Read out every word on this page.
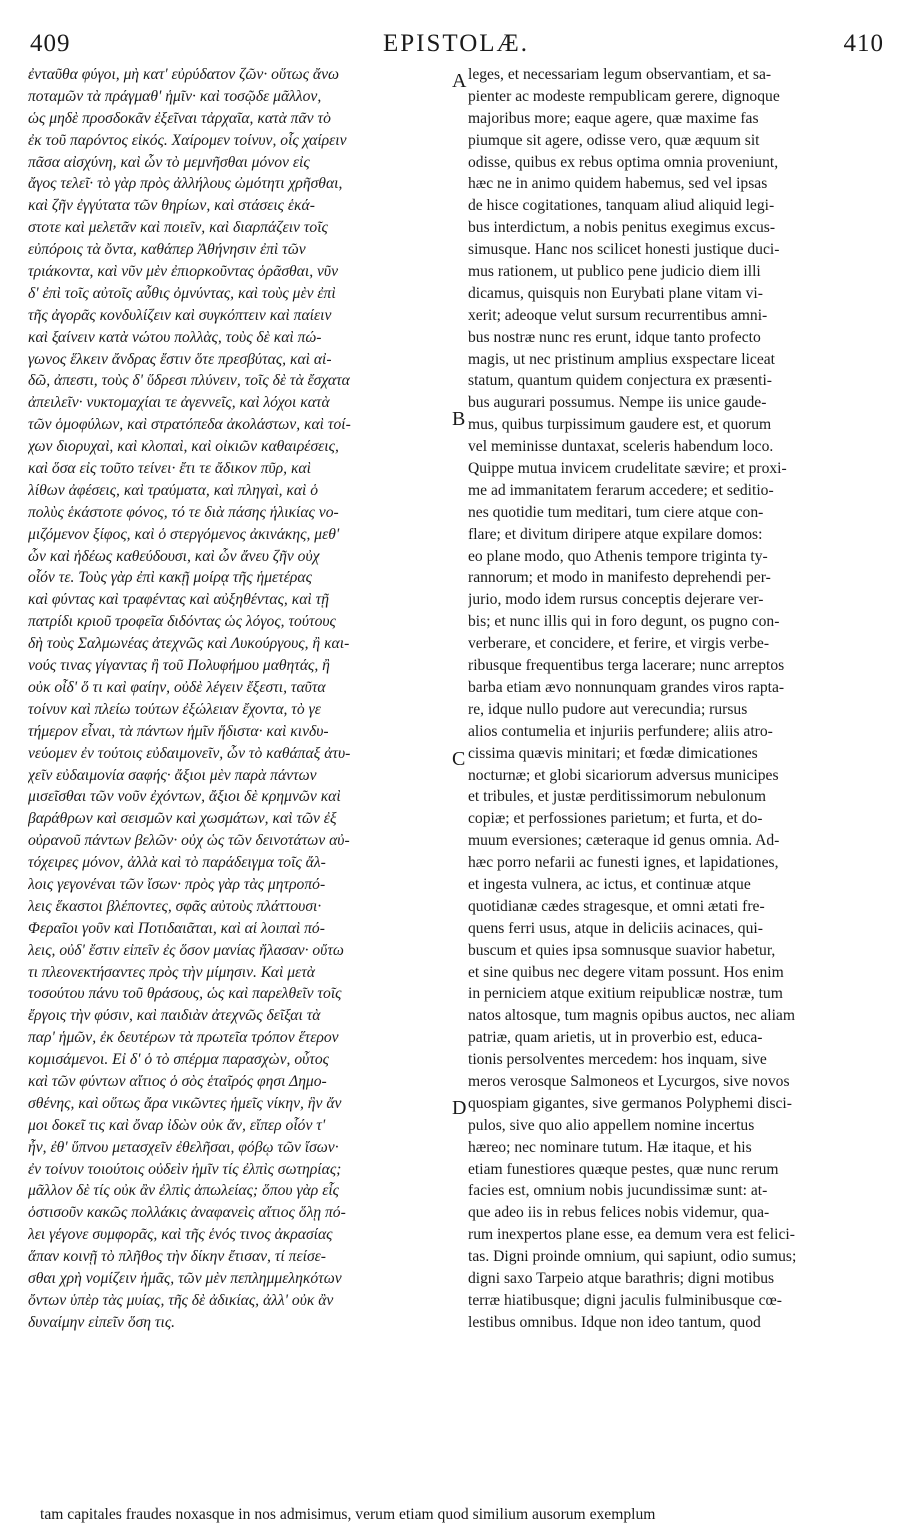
409	EPISTOLÆ.	410
ἐνταῦθα φύγοι, μὴ κατ' εὐρύδατον ζῶν· οὕτως ἄνω
ποταμῶν τὰ πράγμαθ' ἡμῖν· καὶ τοσῷδε μᾶλλον,
ὡς μηδὲ προσδοκᾶν ἐξεῖναι τἀρχαῖα, κατὰ πᾶν τὸ
ἐκ τοῦ παρόντος εἰκός. Χαίρομεν τοίνυν, οἷς χαίρειν
πᾶσα αἰσχύνη, καὶ ὧν τὸ μεμνῆσθαι μόνον εἰς
ἄγος τελεῖ· τὸ γὰρ πρὸς ἀλλήλους ὠμότητι χρῆσθαι,
καὶ ζῆν ἐγγύτατα τῶν θηρίων, καὶ στάσεις ἑκά-
στοτε καὶ μελετᾶν καὶ ποιεῖν, καὶ διαρπάζειν τοῖς
εὐπόροις τὰ ὄντα, καθάπερ Ἀθήνησιν ἐπὶ τῶν
τριάκοντα, καὶ νῦν μὲν ἐπιορκοῦντας ὁρᾶσθαι, νῦν
δ' ἐπὶ τοῖς αὐτοῖς αὖθις ὀμνύντας, καὶ τοὺς μὲν ἐπὶ
τῆς ἀγορᾶς κονδυλίζειν καὶ συγκόπτειν καὶ παίειν
καὶ ξαίνειν κατὰ νώτου πολλὰς, τοὺς δὲ καὶ πώ-
γωνος ἕλκειν ἄνδρας ἔστιν ὅτε πρεσβύτας, καὶ αἰ-
δῶ, ἀπεστι, τοὺς δ' ὕδρεσι πλύνειν, τοῖς δὲ τὰ ἔσχατα
ἀπειλεῖν· νυκτομαχίαι τε ἀγεννεῖς, καὶ λόχοι κατὰ
τῶν ὁμοφύλων, καὶ στρατόπεδα ἀκολάστων, καὶ τοί-
χων διορυχαὶ, καὶ κλοπαὶ, καὶ οἰκιῶν καθαιρέσεις,
καὶ ὅσα εἰς τοῦτο τείνει· ἔτι τε ἄδικον πῦρ, καὶ
λίθων ἀφέσεις, καὶ τραύματα, καὶ πληγαὶ, καὶ ὁ
πολὺς ἑκάστοτε φόνος, τό τε διὰ πάσης ἡλικίας νο-
μιζόμενον ξίφος, καὶ ὁ στεργόμενος ἀκινάκης, μεθ'
ὧν καὶ ἡδέως καθεύδουσι, καὶ ὧν ἄνευ ζῆν οὐχ
οἷόν τε. Τοὺς γὰρ ἐπὶ κακῇ μοίρᾳ τῆς ἡμετέρας
καὶ φύντας καὶ τραφέντας καὶ αὐξηθέντας, καὶ τῇ
πατρίδι κριοῦ τροφεῖα διδόντας ὡς λόγος, τούτους
δὴ τοὺς Σαλμωνέας ἀτεχνῶς καὶ Λυκούργους, ἢ και-
νούς τινας γίγαντας ἢ τοῦ Πολυφήμου μαθητάς, ἢ
οὐκ οἶδ' ὅ τι καὶ φαίην, οὐδὲ λέγειν ἔξεστι, ταῦτα
τοίνυν καὶ πλείω τούτων ἐξώλειαν ἔχοντα, τὸ γε
τήμερον εἶναι, τὰ πάντων ἡμῖν ἥδιστα· καὶ κινδυ-
νεύομεν ἐν τούτοις εὐδαιμονεῖν, ὧν τὸ καθάπαξ ἀτυ-
χεῖν εὐδαιμονία σαφής· ἄξιοι μὲν παρὰ πάντων
μισεῖσθαι τῶν νοῦν ἐχόντων, ἄξιοι δὲ κρημνῶν καὶ
βαράθρων καὶ σεισμῶν καὶ χωσμάτων, καὶ τῶν ἐξ
οὐρανοῦ πάντων βελῶν· οὐχ ὡς τῶν δεινοτάτων αὐ-
τόχειρες μόνον, ἀλλὰ καὶ τὸ παράδειγμα τοῖς ἄλ-
λοις γεγονέναι τῶν ἴσων· πρὸς γὰρ τὰς μητροπό-
λεις ἕκαστοι βλέποντες, σφᾶς αὐτοὺς πλάττουσι·
Φεραῖοι γοῦν καὶ Ποτιδαιᾶται, καὶ αἱ λοιπαὶ πό-
λεις, οὐδ' ἔστιν εἰπεῖν ἐς ὅσον μανίας ἤλασαν· οὔτω
τι πλεονεκτήσαντες πρὸς τὴν μίμησιν. Καὶ μετὰ
τοσούτου πάνυ τοῦ θράσους, ὡς καὶ παρελθεῖν τοῖς
ἔργοις τὴν φύσιν, καὶ παιδιὰν ἀτεχνῶς δεῖξαι τὰ
παρ' ἡμῶν, ἐκ δευτέρων τὰ πρωτεῖα τρόπον ἕτερον
κομισάμενοι. Εἰ δ' ὁ τὸ σπέρμα παρασχὼν, οὗτος
καὶ τῶν φύντων αἴτιος ὁ σὸς ἑταῖρός φησι Δημο-
σθένης, καὶ οὕτως ἄρα νικῶντες ἡμεῖς νίκην, ἣν ἄν
μοι δοκεῖ τις καὶ ὄναρ ἰδὼν οὐκ ἄν, εἴπερ οἷόν τ'
ἦν, ἐθ' ὕπνου μετασχεῖν ἐθελῆσαι, φόβῳ τῶν ἴσων·
ἐν τοίνυν τοιούτοις οὐδεὶν ἡμῖν τίς ἐλπὶς σωτηρίας;
μᾶλλον δὲ τίς οὐκ ἂν ἐλπὶς ἀπωλείας; ὅπου γὰρ εἷς
ὁστισοῦν κακῶς πολλάκις ἀναφανεὶς αἴτιος ὅλῃ πό-
λει γέγονε συμφορᾶς, καὶ τῆς ἑνός τινος ἀκρασίας
ἅπαν κοινῇ τὸ πλῆθος τὴν δίκην ἔτισαν, τί πείσε-
σθαι χρὴ νομίζειν ἡμᾶς, τῶν μὲν πεπλημμεληκότων
ὄντων ὑπὲρ τὰς μυίας, τῆς δὲ ἀδικίας, ἀλλ' οὐκ ἂν
δυναίμην εἰπεῖν ὅση τις.
leges, et necessariam legum observantiam, et sa-
pienter ac modeste rempublicam gerere, dignoque
majoribus more; eaque agere, quæ maxime fas
piumque sit agere, odisse vero, quæ æquum sit
odisse, quibus ex rebus optima omnia proveniunt,
hæc ne in animo quidem habemus, sed vel ipsas
de hisce cogitationes, tanquam aliud aliquid legi-
bus interdictum, a nobis penitus exegimus excus-
simusque. Hanc nos scilicet honesti justique duci-
mus rationem, ut publico pene judicio diem illi
dicamus, quisquis non Eurybati plane vitam vi-
xerit; adeoque velut sursum recurrentibus amni-
bus nostræ nunc res erunt, idque tanto profecto
magis, ut nec pristinum amplius exspectare liceat
statum, quantum quidem conjectura ex præsenti-
bus augurari possumus. Nempe iis unice gaude-
mus, quibus turpissimum gaudere est, et quorum
vel meminisse duntaxat, sceleris habendum loco.
Quippe mutua invicem crudelitate sævire; et proxi-
me ad immanitatem ferarum accedere; et seditio-
nes quotidie tum meditari, tum ciere atque con-
flare; et divitum diripere atque expilare domos:
eo plane modo, quo Athenis tempore triginta ty-
rannorum; et modo in manifesto deprehendi per-
jurio, modo idem rursus conceptis dejerare ver-
bis; et nunc illis qui in foro degunt, os pugno con-
verberare, et concidere, et ferire, et virgis verbe-
ribusque frequentibus terga lacerare; nunc arreptos
barba etiam ævo nonnunquam grandes viros rapta-
re, idque nullo pudore aut verecundia; rursus
alios contumelia et injuriis perfundere; aliis atro-
cissima quævis minitari; et fœdæ dimicationes
nocturnæ; et globi sicariorum adversus municipes
et tribules, et justæ perditissimorum nebulonum
copiæ; et perfossiones parietum; et furta, et do-
muum eversiones; cæteraque id genus omnia. Ad-
hæc porro nefarii ac funesti ignes, et lapidationes,
et ingesta vulnera, ac ictus, et continuæ atque
quotidianæ cædes stragesque, et omni ætati fre-
quens ferri usus, atque in deliciis acinaces, qui-
buscum et quies ipsa somnusque suavior habetur,
et sine quibus nec degere vitam possunt. Hos enim
in perniciem atque exitium reipublicæ nostræ, tum
natos altosque, tum magnis opibus auctos, nec aliam
patriæ, quam arietis, ut in proverbio est, educa-
tionis persolventes mercedem: hos inquam, sive
meros verosque Salmoneos et Lycurgos, sive novos
quospiam gigantes, sive germanos Polyphemi disci-
pulos, sive quo alio appellem nomine incertus
hæreo; nec nominare tutum. Hæ itaque, et his
etiam funestiores quæque pestes, quæ nunc rerum
facies est, omnium nobis jucundissimæ sunt: at-
que adeo iis in rebus felices nobis videmur, qua-
rum inexpertos plane esse, ea demum vera est felici-
tas. Digni proinde omnium, qui sapiunt, odio sumus;
digni saxo Tarpeio atque barathris; digni motibus
terræ hiatibusque; digni jaculis fulminibusque cœ-
lestibus omnibus. Idque non ideo tantum, quod
A
B
C
D
tam capitales fraudes noxasque in nos admisimus, verum etiam quod similium ausorum exemplum
